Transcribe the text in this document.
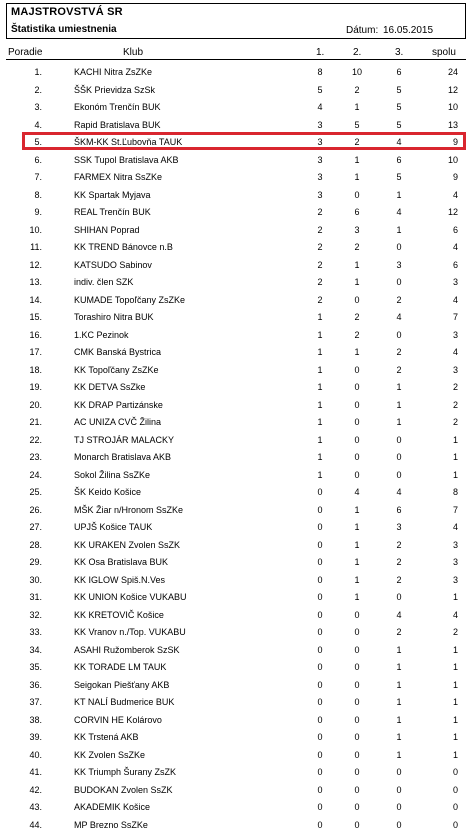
MAJSTROVSTVÁ SR
Štatistika umiestnenia	Dátum: 16.05.2015
Poradie	Klub	1.	2.	3.	spolu
1.	KACHI Nitra ZsZKe	8	10	6	24
2.	ŠŠK Prievidza SzSk	5	2	5	12
3.	Ekonóm Trenčín BUK	4	1	5	10
4.	Rapid Bratislava BUK	3	5	5	13
5.	ŠKM-KK St.Ľubovňa TAUK	3	2	4	9
6.	SSK Tupol Bratislava AKB	3	1	6	10
7.	FARMEX Nitra SsZKe	3	1	5	9
8.	KK Spartak Myjava	3	0	1	4
9.	REAL Trenčín BUK	2	6	4	12
10.	SHIHAN Poprad	2	3	1	6
11.	KK TREND Bánovce n.B	2	2	0	4
12.	KATSUDO Sabinov	2	1	3	6
13.	indiv. člen SZK	2	1	0	3
14.	KUMADE Topoľčany ZsZKe	2	0	2	4
15.	Torashiro Nitra BUK	1	2	4	7
16.	1.KC Pezinok	1	2	0	3
17.	CMK Banská Bystrica	1	1	2	4
18.	KK Topoľčany ZsZKe	1	0	2	3
19.	KK DETVA SsZke	1	0	1	2
20.	KK DRAP Partizánske	1	0	1	2
21.	AC UNIZA CVČ Žilina	1	0	1	2
22.	TJ STROJÁR MALACKY	1	0	0	1
23.	Monarch Bratislava AKB	1	0	0	1
24.	Sokol Žilina SsZKe	1	0	0	1
25.	ŠK Keido Košice	0	4	4	8
26.	MŠK Žiar n/Hronom SsZKe	0	1	6	7
27.	UPJŠ Košice TAUK	0	1	3	4
28.	KK URAKEN Zvolen SsZK	0	1	2	3
29.	KK Osa Bratislava BUK	0	1	2	3
30.	KK IGLOW Spiš.N.Ves	0	1	2	3
31.	KK UNION Košice VUKABU	0	1	0	1
32.	KK KRETOVIČ Košice	0	0	4	4
33.	KK Vranov n./Top. VUKABU	0	0	2	2
34.	ASAHI Ružomberok SzSK	0	0	1	1
35.	KK TORADE LM TAUK	0	0	1	1
36.	Seigokan Piešťany AKB	0	0	1	1
37.	KT NALÍ Budmerice BUK	0	0	1	1
38.	CORVIN HE Kolárovo	0	0	1	1
39.	KK Trstená AKB	0	0	1	1
40.	KK Zvolen SsZKe	0	0	1	1
41.	KK Triumph Šurany ZsZK	0	0	0	0
42.	BUDOKAN Zvolen SsZK	0	0	0	0
43.	AKADEMIK Košice	0	0	0	0
44.	MP Brezno SsZKe	0	0	0	0
